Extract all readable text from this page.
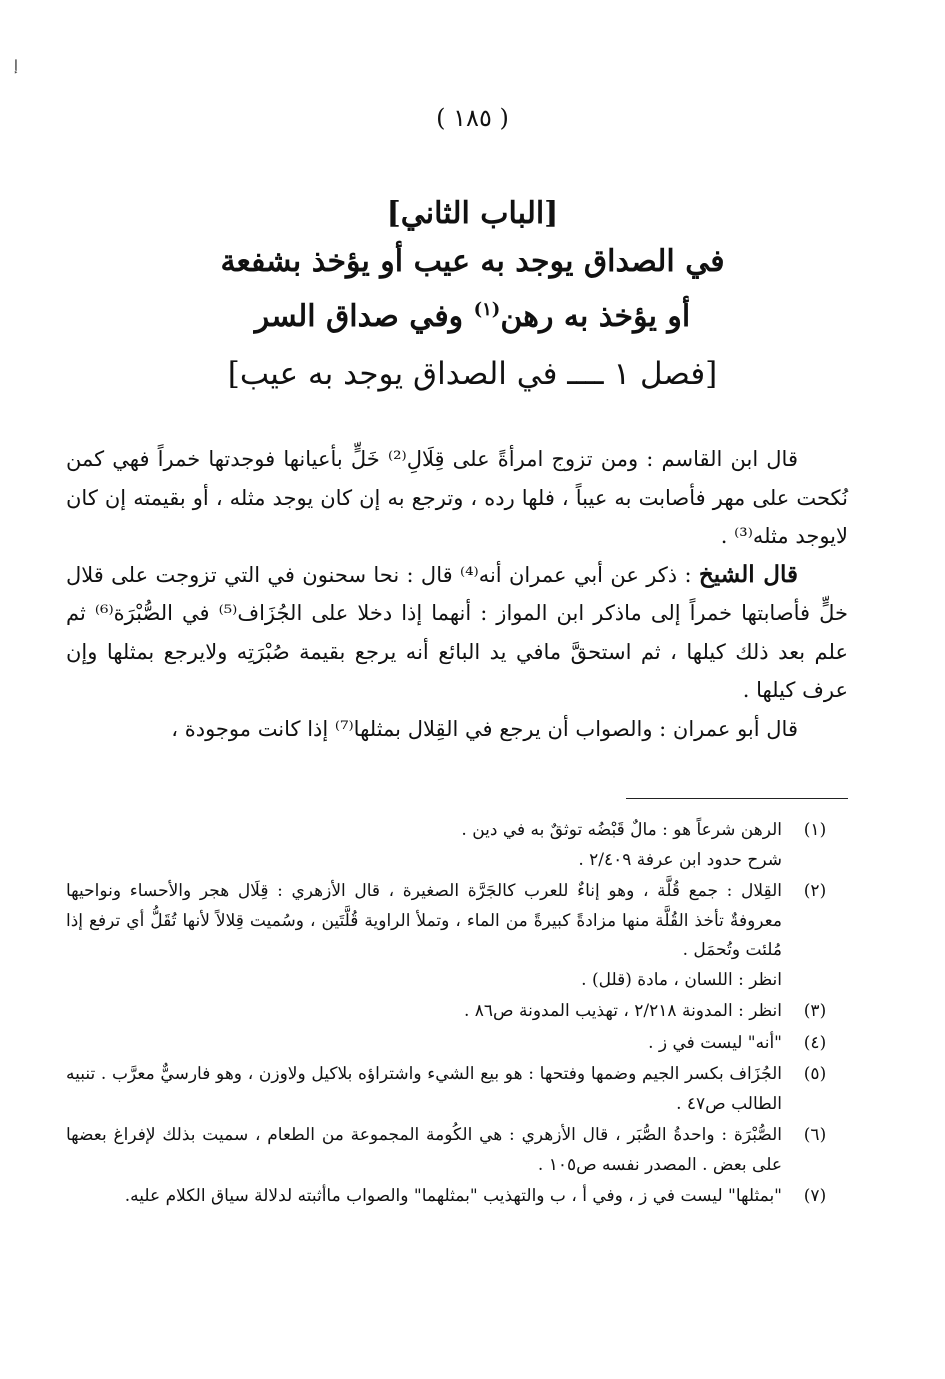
ﺇ
( ١٨٥ )
[الباب الثاني]
في الصداق يوجد به عيب أو يؤخذ بشفعة
أو يؤخذ به رهن$^{(١)}$ وفي صداق السر
[فصل ١ ــــ في الصداق يوجد به عيب]

قال ابن القاسم : ومن تزوج امرأةً على قِلَالِ⁽²⁾ خَلٍّ بأعيانها فوجدتها خمراً فهي كمن نُكحت على مهر فأصابت به عيباً ، فلها رده ، وترجع به إن كان يوجد مثله ، أو بقيمته إن كان لايوجد مثله⁽³⁾ .

قال الشيخ : ذكر عن أبي عمران أنه⁽⁴⁾ قال : نحا سحنون في التي تزوجت على قلال خلٍّ فأصابتها خمراً إلى ماذكر ابن المواز : أنهما إذا دخلا على الجُزَاف⁽⁵⁾ في الصُّبْرَة⁽⁶⁾ ثم علم بعد ذلك كيلها ، ثم استحقَّ مافي يد البائع أنه يرجع بقيمة صُبْرَتِه ولايرجع بمثلها وإن عرف كيلها .

قال أبو عمران : والصواب أن يرجع في القِلال بمثلها⁽⁷⁾ إذا كانت موجودة ،

(١)
الرهن شرعاً هو : مالٌ قَبْضُه توثقٌ به في دين .
شرح حدود ابن عرفة ٢/٤٠٩ .
(٢)
القِلال : جمع قُلَّة ، وهو إناءٌ للعرب كالجَرَّة الصغيرة ، قال الأزهري : قِلَال هجر والأحساء ونواحيها معروفةٌ تأخذ القُلَّة منها مزادةً كبيرةً من الماء ، وتملأ الراوية قُلَّتَين ، وسُميت قِلالاً لأنها تُقَلُّ أي ترفع إذا مُلئت وتُحمَل .
انظر : اللسان ، مادة (قلل) .
(٣)
انظر : المدونة ٢/٢١٨ ، تهذيب المدونة ص٨٦ .
(٤)
"أنه" ليست في ز .
(٥)
الجُزَاف بكسر الجيم وضمها وفتحها : هو بيع الشيء واشتراؤه بلاكيل ولاوزن ، وهو فارسيٌّ معرَّب . تنبيه الطالب ص٤٧ .
(٦)
الصُّبْرَة : واحدةُ الصُّبَر ، قال الأزهري : هي الكُومة المجموعة من الطعام ، سميت بذلك لإفراغ بعضها على بعض . المصدر نفسه ص١٠٥ .
(٧)
"بمثلها" ليست في ز ، وفي أ ، ب والتهذيب "بمثلهما" والصواب ماأثبته لدلالة سياق الكلام عليه.
